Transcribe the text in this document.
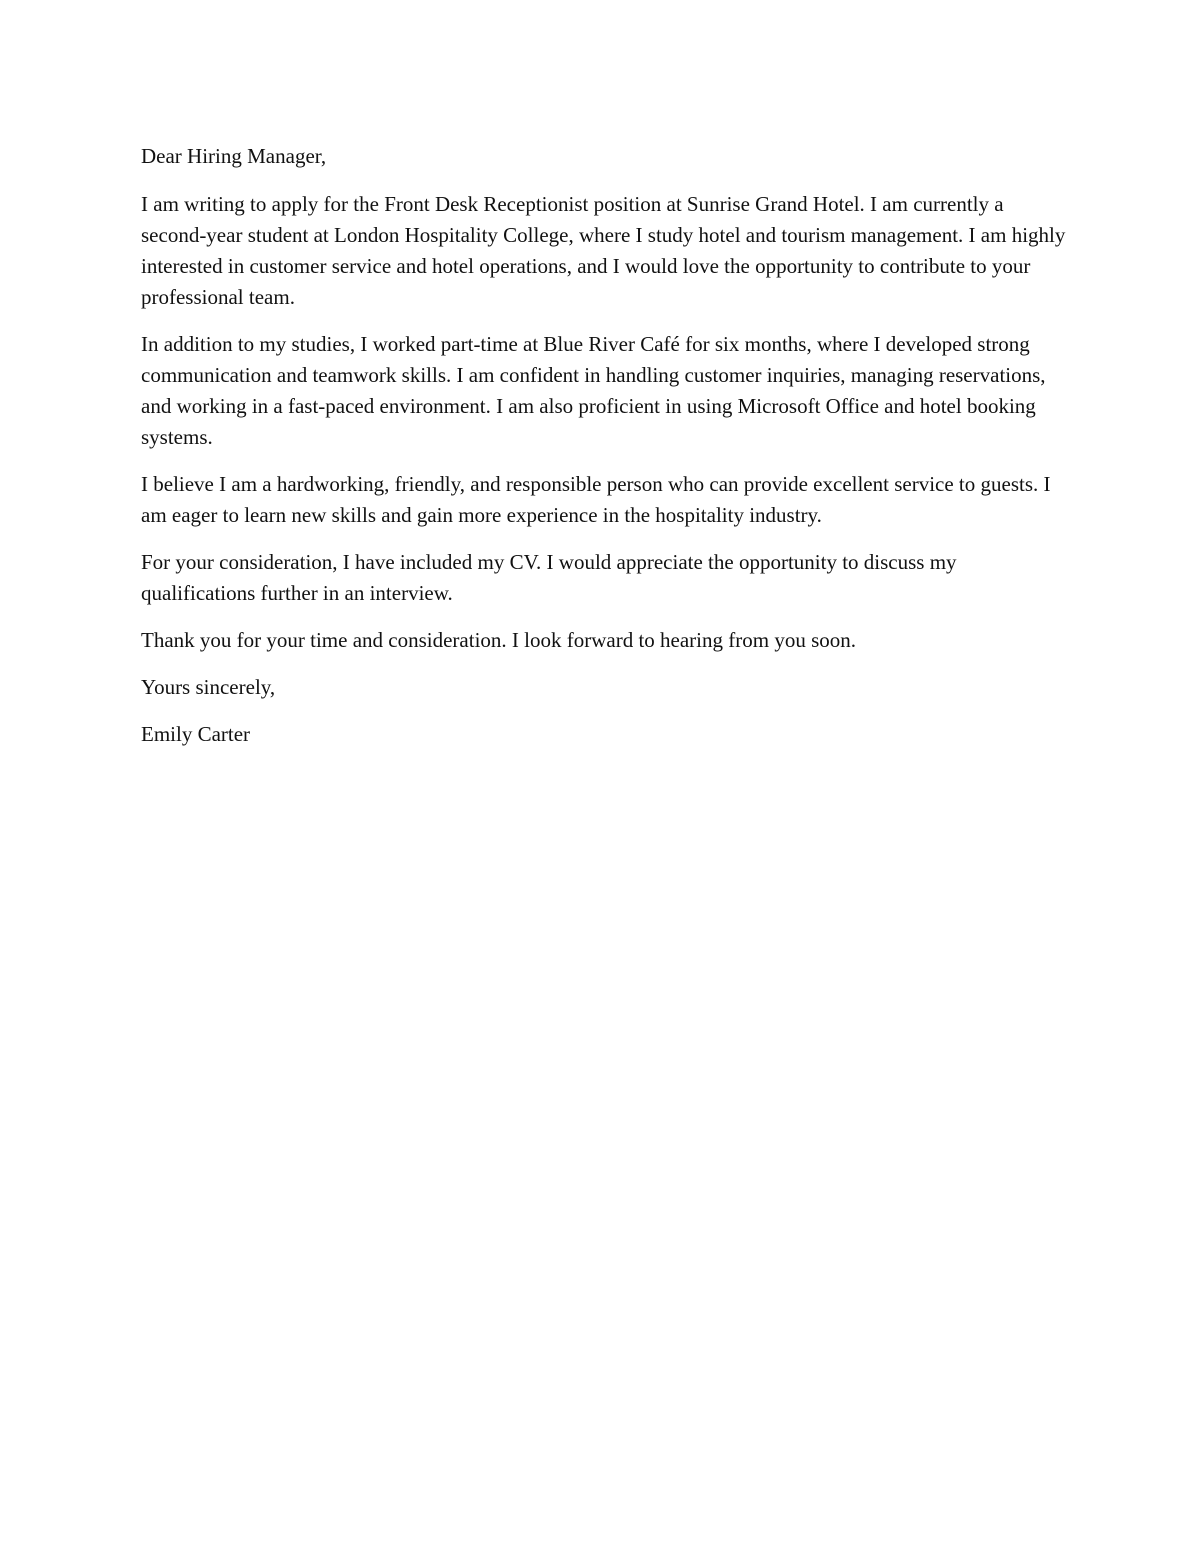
Dear Hiring Manager,

I am writing to apply for the Front Desk Receptionist position at Sunrise Grand Hotel. I am currently a second-year student at London Hospitality College, where I study hotel and tourism management. I am highly interested in customer service and hotel operations, and I would love the opportunity to contribute to your professional team.

In addition to my studies, I worked part-time at Blue River Café for six months, where I developed strong communication and teamwork skills. I am confident in handling customer inquiries, managing reservations, and working in a fast-paced environment. I am also proficient in using Microsoft Office and hotel booking systems.

I believe I am a hardworking, friendly, and responsible person who can provide excellent service to guests. I am eager to learn new skills and gain more experience in the hospitality industry.

For your consideration, I have included my CV. I would appreciate the opportunity to discuss my qualifications further in an interview.

Thank you for your time and consideration. I look forward to hearing from you soon.

Yours sincerely,

Emily Carter
